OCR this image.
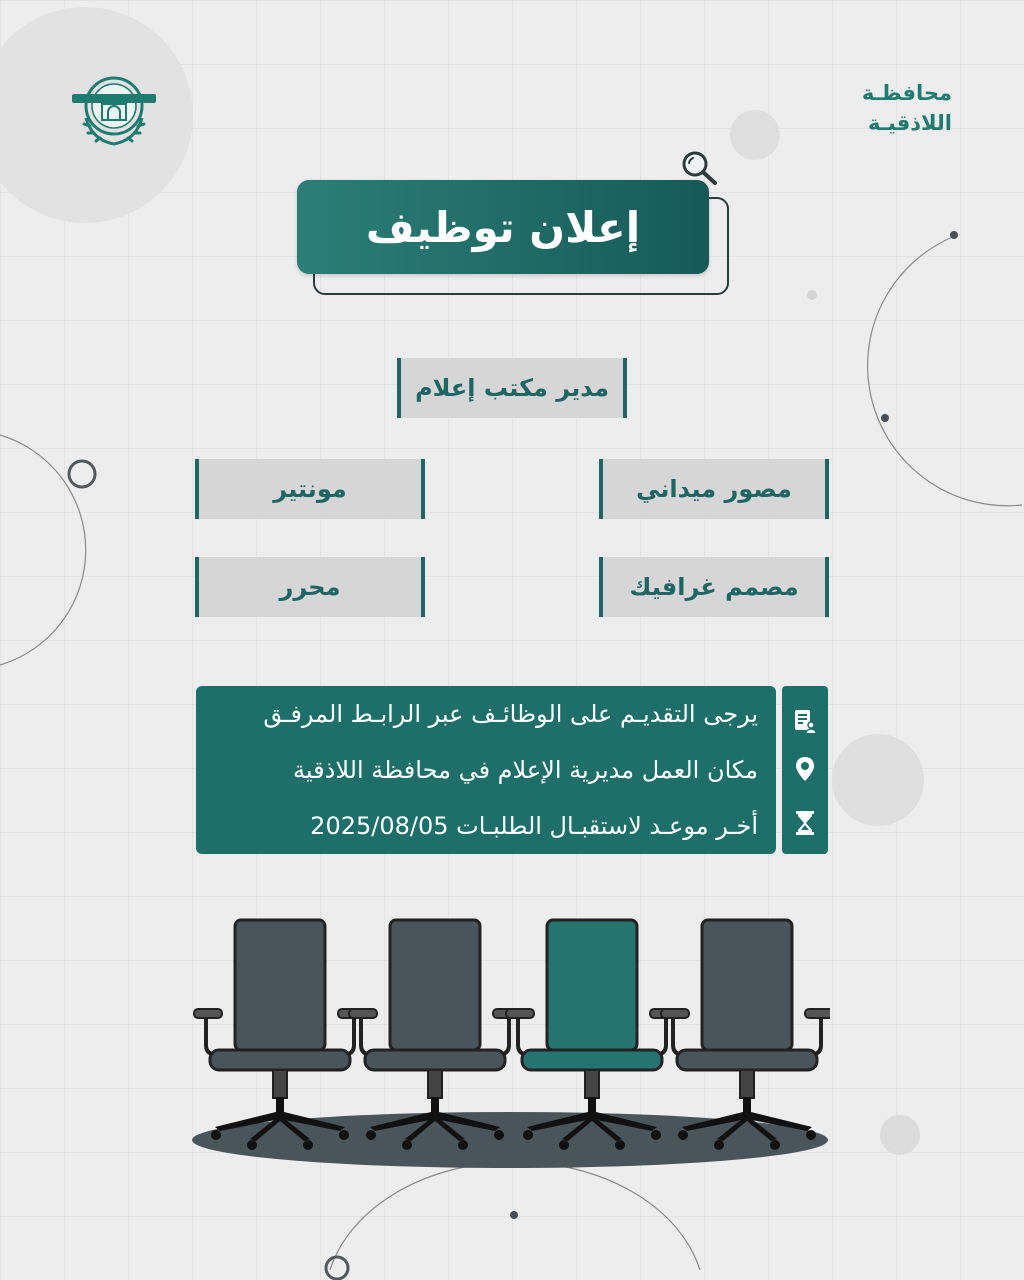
محافظـة
اللاذقيـة
إعلان توظيف
مدير مكتب إعلام
مصور ميداني
مونتير
مصمم غرافيك
محرر
يرجى التقديـم على الوظائـف عبر الرابـط المرفـق
مكان العمل مديرية الإعلام في محافظة اللاذقية
أخـر موعـد لاستقبـال الطلبـات 2025/08/05
